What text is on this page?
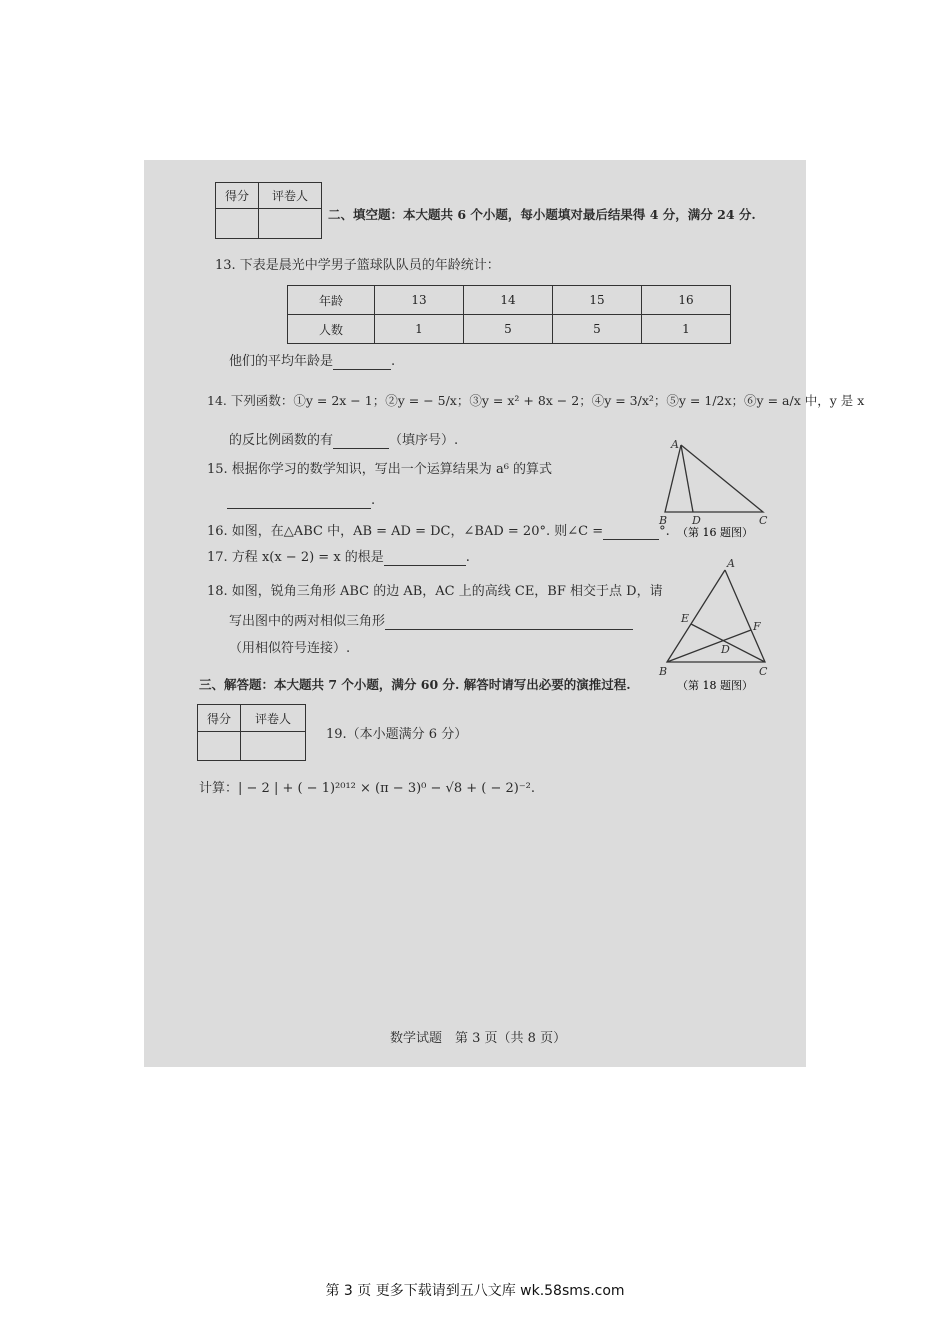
得分	评卷人

二、填空题：本大题共 6 个小题，每小题填对最后结果得 4 分，满分 24 分.
13. 下表是晨光中学男子篮球队队员的年龄统计：
年龄	13	14	15	16
人数	1	5	5	1
他们的平均年龄是	.
14. 下列函数：①y = 2x − 1；②y = − 5/x；③y = x² + 8x − 2；④y = 3/x²；⑤y = 1/2x；⑥y = a/x 中，y 是 x
的反比例函数的有	（填序号）.
15. 根据你学习的数学知识，写出一个运算结果为 a⁶ 的算式
.
16. 如图，在△ABC 中，AB = AD = DC，∠BAD = 20°. 则∠C =	°.
17. 方程 x(x − 2) = x 的根是	.
18. 如图，锐角三角形 ABC 的边 AB，AC 上的高线 CE，BF 相交于点 D，请
写出图中的两对相似三角形
（用相似符号连接）.
A
B D	C
（第 16 题图）
A
E
F
D
B	C
（第 18 题图）
三、解答题：本大题共 7 个小题，满分 60 分. 解答时请写出必要的演推过程.
得分	评卷人

19.（本小题满分 6 分）
计算：| − 2 | + ( − 1)²⁰¹² × (π − 3)⁰ − √8 + ( − 2)⁻².
数学试题　第 3 页（共 8 页）
第 3 页 更多下载请到五八文库 wk.58sms.com
